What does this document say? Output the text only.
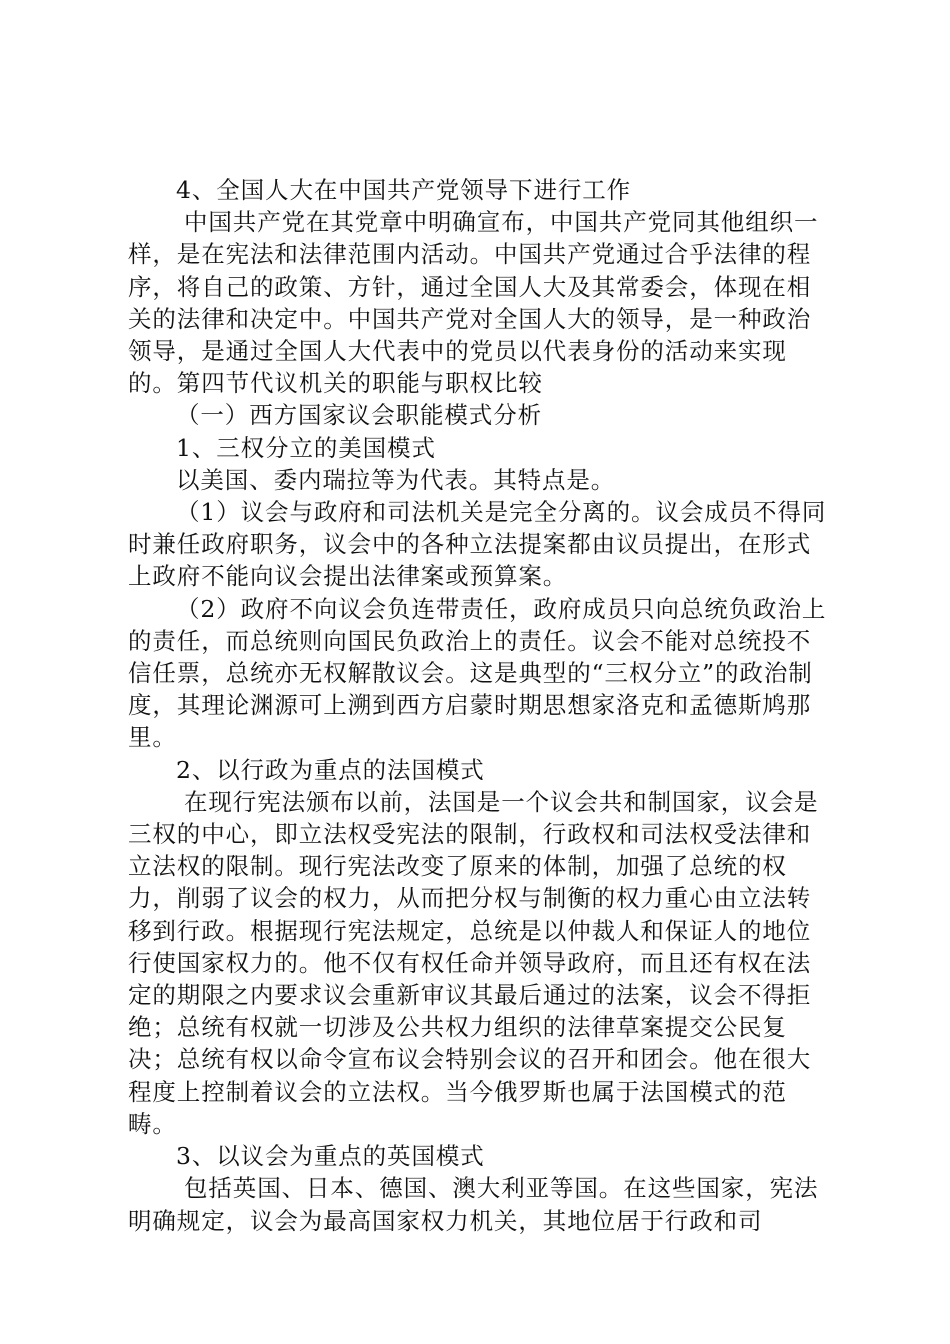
4、全国人大在中国共产党领导下进行工作

中国共产党在其党章中明确宣布，中国共产党同其他组织一样，是在宪法和法律范围内活动。中国共产党通过合乎法律的程序，将自己的政策、方针，通过全国人大及其常委会，体现在相关的法律和决定中。中国共产党对全国人大的领导，是一种政治领导，是通过全国人大代表中的党员以代表身份的活动来实现的。第四节代议机关的职能与职权比较

（一）西方国家议会职能模式分析

1、三权分立的美国模式

以美国、委内瑞拉等为代表。其特点是。

（1）议会与政府和司法机关是完全分离的。议会成员不得同时兼任政府职务，议会中的各种立法提案都由议员提出，在形式上政府不能向议会提出法律案或预算案。

（2）政府不向议会负连带责任，政府成员只向总统负政治上的责任，而总统则向国民负政治上的责任。议会不能对总统投不信任票，总统亦无权解散议会。这是典型的“三权分立”的政治制度，其理论渊源可上溯到西方启蒙时期思想家洛克和孟德斯鸠那里。

2、以行政为重点的法国模式

在现行宪法颁布以前，法国是一个议会共和制国家，议会是三权的中心，即立法权受宪法的限制，行政权和司法权受法律和立法权的限制。现行宪法改变了原来的体制，加强了总统的权力，削弱了议会的权力，从而把分权与制衡的权力重心由立法转移到行政。根据现行宪法规定，总统是以仲裁人和保证人的地位行使国家权力的。他不仅有权任命并领导政府，而且还有权在法定的期限之内要求议会重新审议其最后通过的法案，议会不得拒绝；总统有权就一切涉及公共权力组织的法律草案提交公民复决；总统有权以命令宣布议会特别会议的召开和团会。他在很大程度上控制着议会的立法权。当今俄罗斯也属于法国模式的范畴。

3、以议会为重点的英国模式

包括英国、日本、德国、澳大利亚等国。在这些国家，宪法明确规定，议会为最高国家权力机关，其地位居于行政和司
